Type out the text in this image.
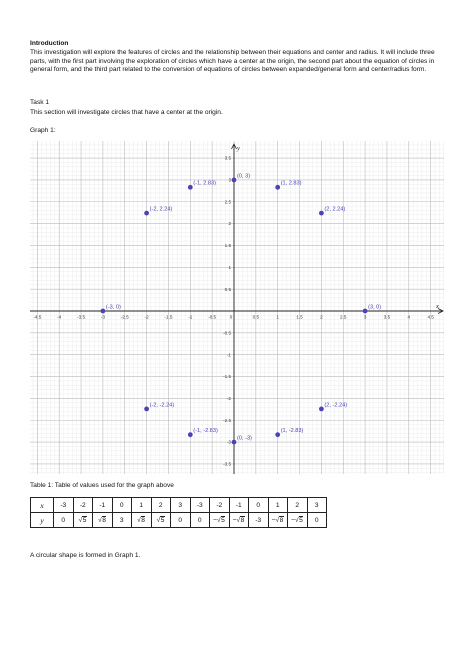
Introduction
This investigation will explore the features of circles and the relationship between their equations and center and radius. It will include three parts, with the first part involving the exploration of circles which have a center at the origin, the second part about the equation of circles in general form, and the third part related to the conversion of equations of circles between expanded/general form and center/radius form.
Task 1
This section will investigate circles that have a center at the origin.
Graph 1:
x
y
-4.5	-4	-3.5	-3	-2.5	-2	-1.5	-1	-0.5	0	0.5	1	1.5	2	2.5	3	3.5	4	4.5
3.5
3
2.5
2
1.5
1
0.5
-0.5
-1
-1.5
-2
-2.5
-3
-3.5
(-3, 0)
(-2, 2.24)
(-1, 2.83)
(0, 3)
(1, 2.83)
(2, 2.24)
(3, 0)
(-2, -2.24)
(-1, -2.83)
(0, -3)
(1, -2.83)
(2, -2.24)
Table 1: Table of values used for the graph above
x	-3	-2	-1	0	1	2	3	-3	-2	-1	0	1	2	3
y	0	√5	√8	3	√8	√5	0	0	−√5	−√8	-3	−√8	−√5	0
A circular shape is formed in Graph 1.
